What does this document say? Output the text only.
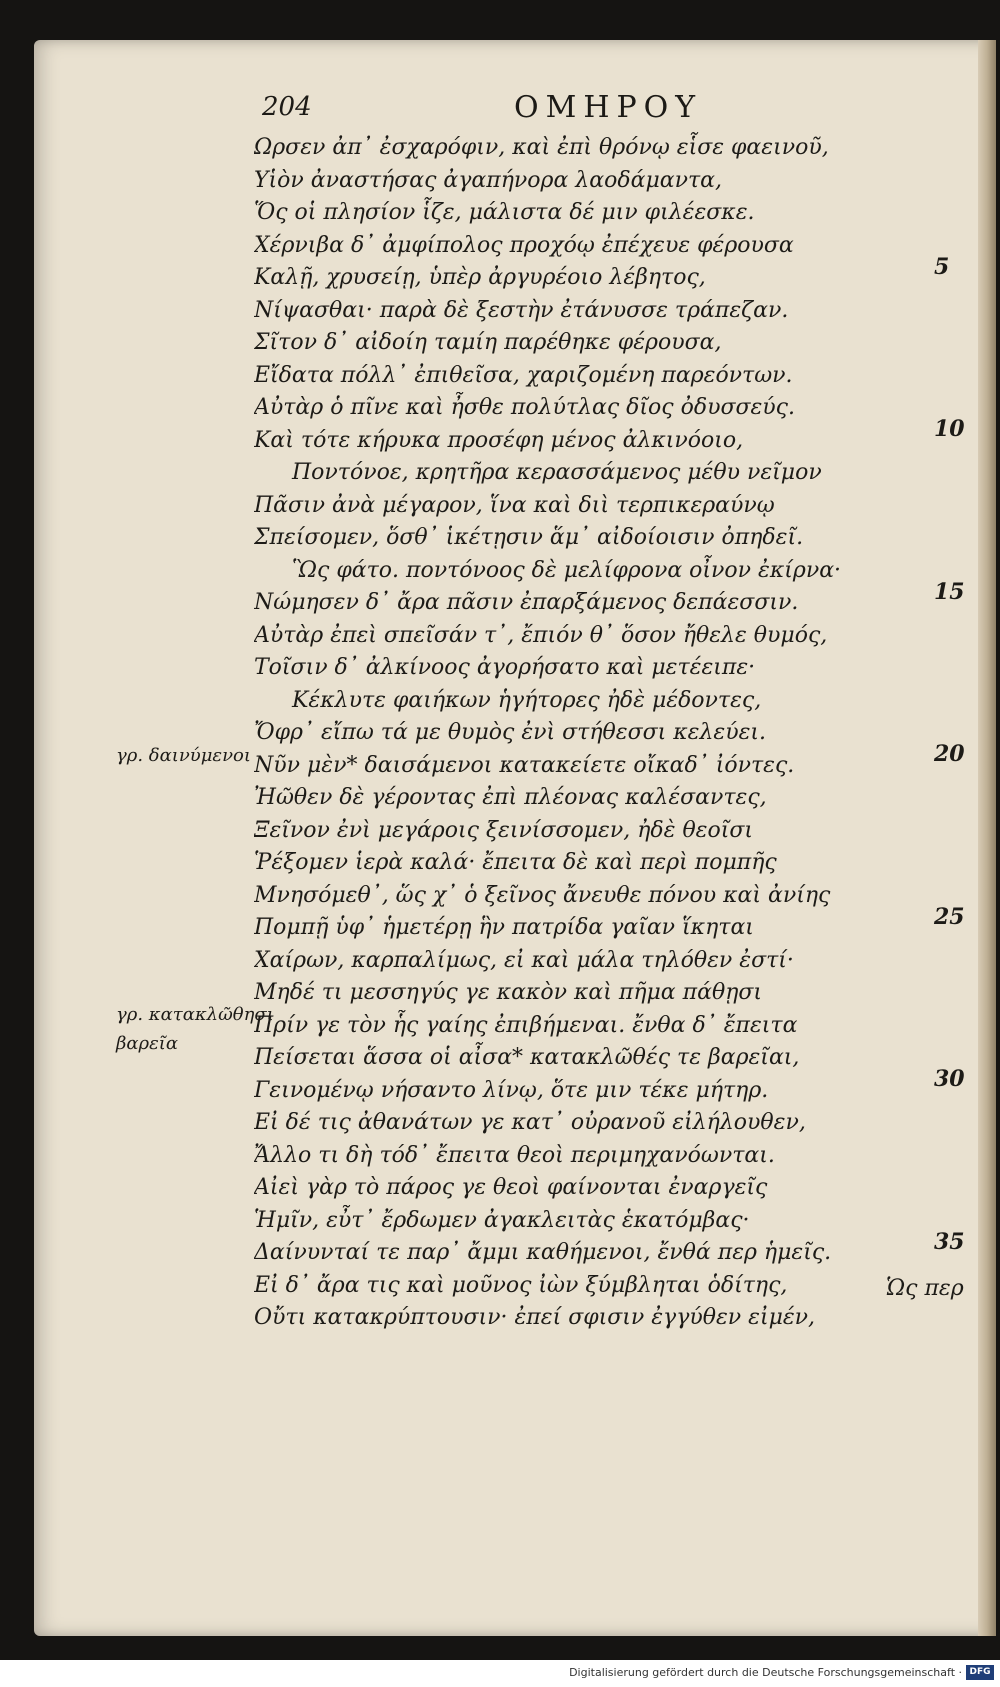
204	ΟΜΗΡΟΥ
Ωρσεν ἀπ᾽ ἐσχαρόφιν, καὶ ἐπὶ θρόνῳ εἷσε φαεινοῦ,
Υἱὸν ἀναστήσας ἀγαπήνορα λαοδάμαντα,
Ὅς οἱ πλησίον ἷζε, μάλιστα δέ μιν φιλέεσκε.
Χέρνιβα δ᾽ ἀμφίπολος προχόῳ ἐπέχευε φέρουσα
Καλῇ, χρυσείῃ, ὑπὲρ ἀργυρέοιο λέβητος,
Νίψασθαι· παρὰ δὲ ξεστὴν ἐτάνυσσε τράπεζαν.
Σῖτον δ᾽ αἰδοίη ταμίη παρέθηκε φέρουσα,
Εἴδατα πόλλ᾽ ἐπιθεῖσα, χαριζομένη παρεόντων.
Αὐτὰρ ὁ πῖνε καὶ ἦσθε πολύτλας δῖος ὀδυσσεύς.
Καὶ τότε κήρυκα προσέφη μένος ἀλκινόοιο,
Ποντόνοε, κρητῆρα κερασσάμενος μέθυ νεῖμον
Πᾶσιν ἀνὰ μέγαρον, ἵνα καὶ διὶ τερπικεραύνῳ
Σπείσομεν, ὅσθ᾽ ἱκέτῃσιν ἅμ᾽ αἰδοίοισιν ὀπηδεῖ.
Ὣς φάτο. ποντόνοος δὲ μελίφρονα οἶνον ἐκίρνα·
Νώμησεν δ᾽ ἄρα πᾶσιν ἐπαρξάμενος δεπάεσσιν.
Αὐτὰρ ἐπεὶ σπεῖσάν τ᾽, ἔπιόν θ᾽ ὅσον ἤθελε θυμός,
Τοῖσιν δ᾽ ἀλκίνοος ἀγορήσατο καὶ μετέειπε·
Κέκλυτε φαιήκων ἡγήτορες ἠδὲ μέδοντες,
Ὄφρ᾽ εἴπω τά με θυμὸς ἐνὶ στήθεσσι κελεύει.
Νῦν μὲν* δαισάμενοι κατακείετε οἴκαδ᾽ ἰόντες.
Ἠῶθεν δὲ γέροντας ἐπὶ πλέονας καλέσαντες,
Ξεῖνον ἐνὶ μεγάροις ξεινίσσομεν, ἠδὲ θεοῖσι
Ῥέξομεν ἱερὰ καλά· ἔπειτα δὲ καὶ περὶ πομπῆς
Μνησόμεθ᾽, ὥς χ᾽ ὁ ξεῖνος ἄνευθε πόνου καὶ ἀνίης
Πομπῇ ὑφ᾽ ἡμετέρῃ ἣν πατρίδα γαῖαν ἵκηται
Χαίρων, καρπαλίμως, εἰ καὶ μάλα τηλόθεν ἐστί·
Μηδέ τι μεσσηγύς γε κακὸν καὶ πῆμα πάθῃσι
Πρίν γε τὸν ἧς γαίης ἐπιβήμεναι. ἔνθα δ᾽ ἔπειτα
Πείσεται ἅσσα οἱ αἶσα* κατακλῶθές τε βαρεῖαι,
Γεινομένῳ νήσαντο λίνῳ, ὅτε μιν τέκε μήτηρ.
Εἰ δέ τις ἀθανάτων γε κατ᾽ οὐρανοῦ εἰλήλουθεν,
Ἄλλο τι δὴ τόδ᾽ ἔπειτα θεοὶ περιμηχανόωνται.
Αἰεὶ γὰρ τὸ πάρος γε θεοὶ φαίνονται ἐναργεῖς
Ἡμῖν, εὖτ᾽ ἔρδωμεν ἀγακλειτὰς ἑκατόμβας·
Δαίνυνταί τε παρ᾽ ἄμμι καθήμενοι, ἔνθά περ ἡμεῖς.
Εἰ δ᾽ ἄρα τις καὶ μοῦνος ἰὼν ξύμβληται ὁδίτης,
Οὔτι κατακρύπτουσιν· ἐπεί σφισιν ἐγγύθεν εἰμέν,
5
10
15
20
25
30
35
γρ. δαινύμενοι
γρ. κατακλῶθησι βαρεῖα
Ὡς περ
Digitalisierung gefördert durch die Deutsche Forschungsgemeinschaft · DFG
